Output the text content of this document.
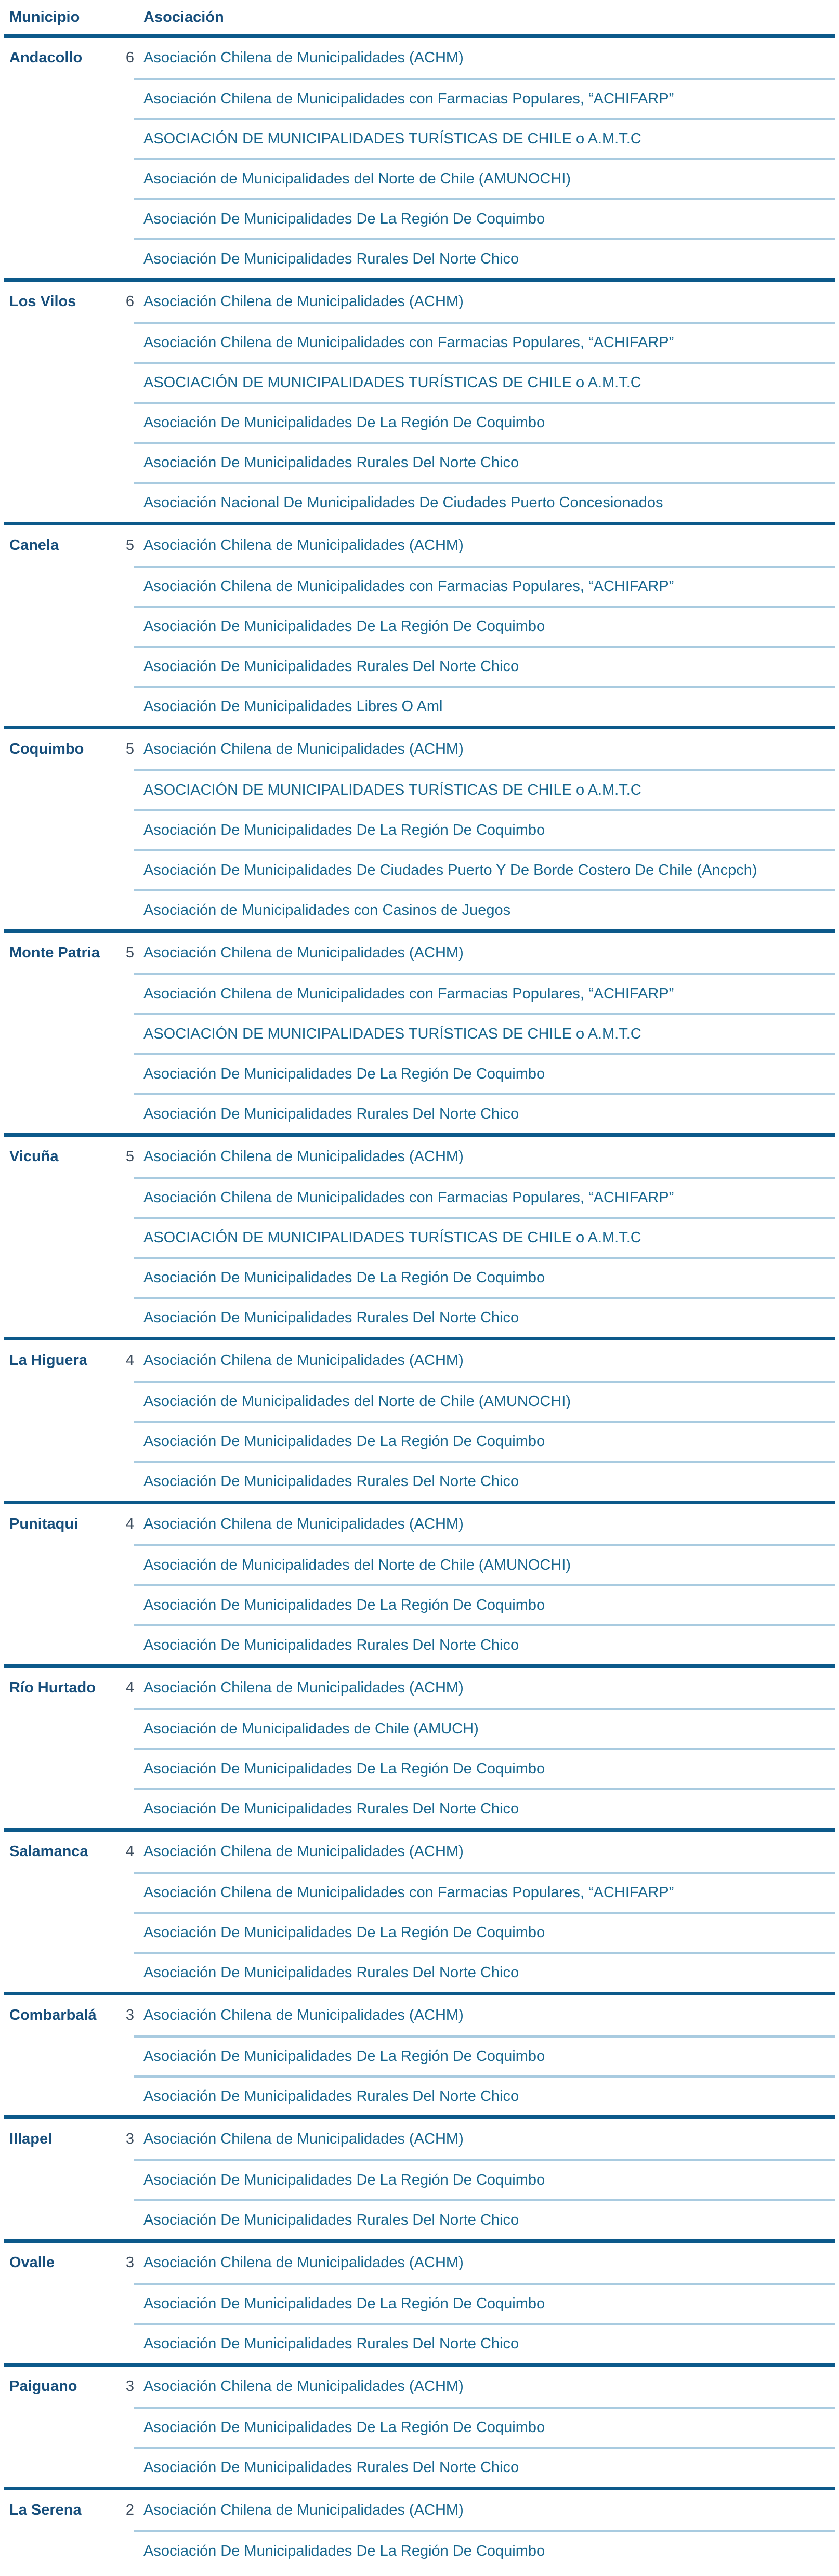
Municipio	Asociación
Andacollo	6 Asociación Chilena de Municipalidades (ACHM)
Asociación Chilena de Municipalidades con Farmacias Populares, “ACHIFARP”
ASOCIACIÓN DE MUNICIPALIDADES TURÍSTICAS DE CHILE o A.M.T.C
Asociación de Municipalidades del Norte de Chile (AMUNOCHI)
Asociación De Municipalidades De La Región De Coquimbo
Asociación De Municipalidades Rurales Del Norte Chico
Los Vilos	6 Asociación Chilena de Municipalidades (ACHM)
Asociación Chilena de Municipalidades con Farmacias Populares, “ACHIFARP”
ASOCIACIÓN DE MUNICIPALIDADES TURÍSTICAS DE CHILE o A.M.T.C
Asociación De Municipalidades De La Región De Coquimbo
Asociación De Municipalidades Rurales Del Norte Chico
Asociación Nacional De Municipalidades De Ciudades Puerto Concesionados
Canela	5 Asociación Chilena de Municipalidades (ACHM)
Asociación Chilena de Municipalidades con Farmacias Populares, “ACHIFARP”
Asociación De Municipalidades De La Región De Coquimbo
Asociación De Municipalidades Rurales Del Norte Chico
Asociación De Municipalidades Libres O Aml
Coquimbo	5 Asociación Chilena de Municipalidades (ACHM)
ASOCIACIÓN DE MUNICIPALIDADES TURÍSTICAS DE CHILE o A.M.T.C
Asociación De Municipalidades De La Región De Coquimbo
Asociación De Municipalidades De Ciudades Puerto Y De Borde Costero De Chile (Ancpch)
Asociación de Municipalidades con Casinos de Juegos
Monte Patria	5 Asociación Chilena de Municipalidades (ACHM)
Asociación Chilena de Municipalidades con Farmacias Populares, “ACHIFARP”
ASOCIACIÓN DE MUNICIPALIDADES TURÍSTICAS DE CHILE o A.M.T.C
Asociación De Municipalidades De La Región De Coquimbo
Asociación De Municipalidades Rurales Del Norte Chico
Vicuña	5 Asociación Chilena de Municipalidades (ACHM)
Asociación Chilena de Municipalidades con Farmacias Populares, “ACHIFARP”
ASOCIACIÓN DE MUNICIPALIDADES TURÍSTICAS DE CHILE o A.M.T.C
Asociación De Municipalidades De La Región De Coquimbo
Asociación De Municipalidades Rurales Del Norte Chico
La Higuera	4 Asociación Chilena de Municipalidades (ACHM)
Asociación de Municipalidades del Norte de Chile (AMUNOCHI)
Asociación De Municipalidades De La Región De Coquimbo
Asociación De Municipalidades Rurales Del Norte Chico
Punitaqui	4 Asociación Chilena de Municipalidades (ACHM)
Asociación de Municipalidades del Norte de Chile (AMUNOCHI)
Asociación De Municipalidades De La Región De Coquimbo
Asociación De Municipalidades Rurales Del Norte Chico
Río Hurtado	4 Asociación Chilena de Municipalidades (ACHM)
Asociación de Municipalidades de Chile (AMUCH)
Asociación De Municipalidades De La Región De Coquimbo
Asociación De Municipalidades Rurales Del Norte Chico
Salamanca	4 Asociación Chilena de Municipalidades (ACHM)
Asociación Chilena de Municipalidades con Farmacias Populares, “ACHIFARP”
Asociación De Municipalidades De La Región De Coquimbo
Asociación De Municipalidades Rurales Del Norte Chico
Combarbalá	3 Asociación Chilena de Municipalidades (ACHM)
Asociación De Municipalidades De La Región De Coquimbo
Asociación De Municipalidades Rurales Del Norte Chico
Illapel	3 Asociación Chilena de Municipalidades (ACHM)
Asociación De Municipalidades De La Región De Coquimbo
Asociación De Municipalidades Rurales Del Norte Chico
Ovalle	3 Asociación Chilena de Municipalidades (ACHM)
Asociación De Municipalidades De La Región De Coquimbo
Asociación De Municipalidades Rurales Del Norte Chico
Paiguano	3 Asociación Chilena de Municipalidades (ACHM)
Asociación De Municipalidades De La Región De Coquimbo
Asociación De Municipalidades Rurales Del Norte Chico
La Serena	2 Asociación Chilena de Municipalidades (ACHM)
Asociación De Municipalidades De La Región De Coquimbo
